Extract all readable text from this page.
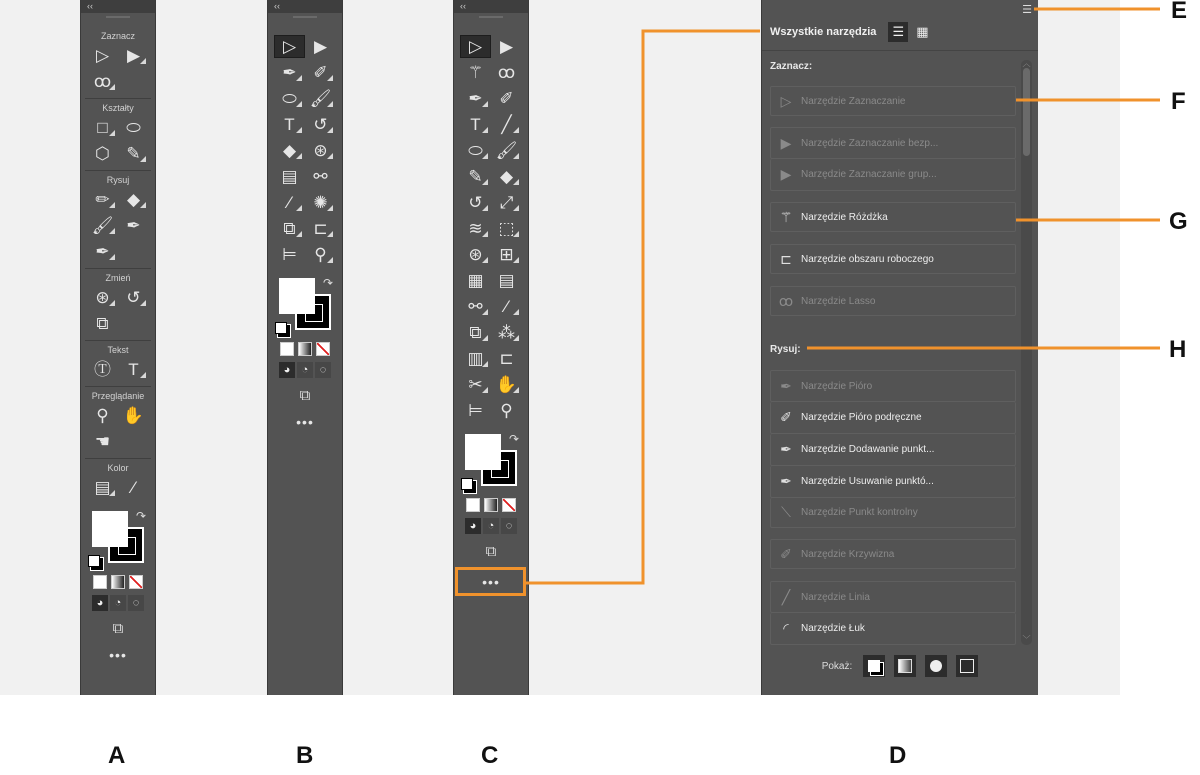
‹‹
Zaznacz
▷	▶
ꝏ
Kształty
□	⬭
⬡ ✎
Rysuj
✏	◆
🖌 ✒
✒
Zmień
⊛ ↺
⧉
Tekst
Ⓣ	T
Przeglądanie
⚲ ✋
☚
Kolor
▤	⁄
↷
◕	◔	◌
⧉
•••
‹‹
▷	▶
✒ ✐
⬭ 🖌
T	↺
◆	⊛
▤ ⚯
⁄	✺
⧉	⊏
⊨	⚲
↷
◕	◔	◌
⧉
•••
‹‹
▷	▶
⚚ ꝏ
✒ ✐
T	╱
⬭ 🖌
✎	◆
↺	⤢
≋ ⬚
⊛ ⊞
▦ ▤
⚯	⁄
⧉ ⁂
▥ ⊏
✂ ✋
⊨	⚲
↷
◕	◔	◌
⧉
•••
☰
Wszystkie narzędzia	☰ ▦
Zaznacz:
▷ Narzędzie Zaznaczanie
▶ Narzędzie Zaznaczanie bezp...
▶ Narzędzie Zaznaczanie grup...
⚚ Narzędzie Różdżka
⊏ Narzędzie obszaru roboczego
ꝏ Narzędzie Lasso
Rysuj:
✒ Narzędzie Pióro
✐ Narzędzie Pióro podręczne
✒ Narzędzie Dodawanie punkt...
✒ Narzędzie Usuwanie punktó...
⟍	Narzędzie Punkt kontrolny
✐ Narzędzie Krzywizna
╱	Narzędzie Linia
◜	Narzędzie Łuk
︿
﹀
Pokaż:
A	B	C	D
E
F
G
H
